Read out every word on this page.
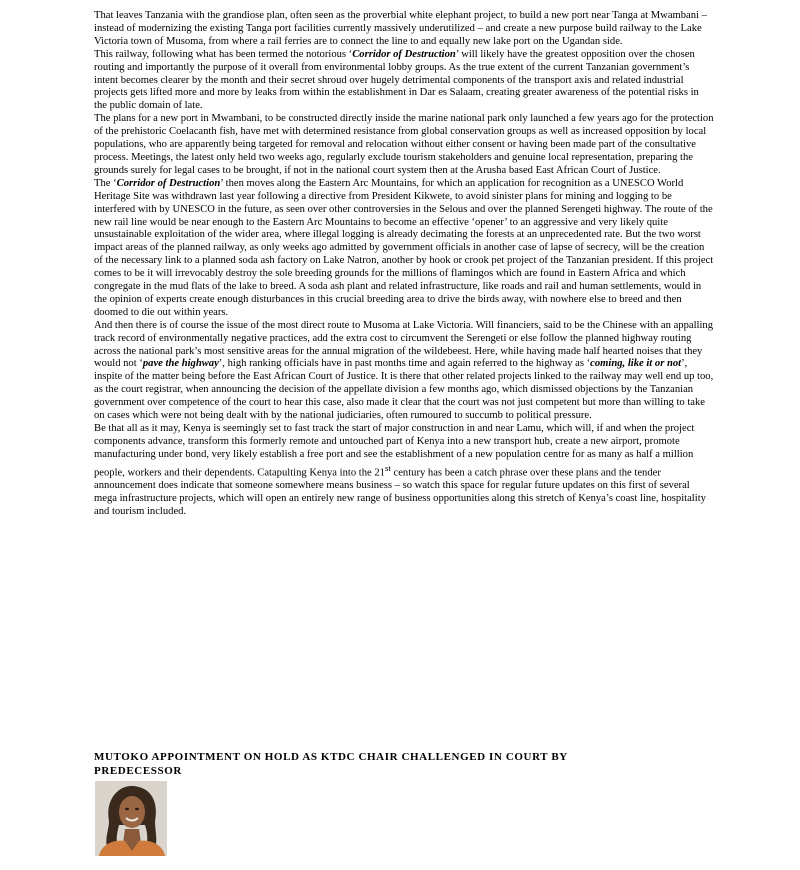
That leaves Tanzania with the grandiose plan, often seen as the proverbial white elephant project, to build a new port near Tanga at Mwambani – instead of modernizing the existing Tanga port facilities currently massively underutilized – and create a new purpose build railway to the Lake Victoria town of Musoma, from where a rail ferries are to connect the line to and equally new lake port on the Ugandan side.

This railway, following what has been termed the notorious ‘Corridor of Destruction’ will likely have the greatest opposition over the chosen routing and importantly the purpose of it overall from environmental lobby groups. As the true extent of the current Tanzanian government’s intent becomes clearer by the month and their secret shroud over hugely detrimental components of the transport axis and related industrial projects gets lifted more and more by leaks from within the establishment in Dar es Salaam, creating greater awareness of the potential risks in the public domain of late.

The plans for a new port in Mwambani, to be constructed directly inside the marine national park only launched a few years ago for the protection of the prehistoric Coelacanth fish, have met with determined resistance from global conservation groups as well as increased opposition by local populations, who are apparently being targeted for removal and relocation without either consent or having been made part of the consultative process. Meetings, the latest only held two weeks ago, regularly exclude tourism stakeholders and genuine local representation, preparing the grounds surely for legal cases to be brought, if not in the national court system then at the Arusha based East African Court of Justice.

The ‘Corridor of Destruction’ then moves along the Eastern Arc Mountains, for which an application for recognition as a UNESCO World Heritage Site was withdrawn last year following a directive from President Kikwete, to avoid sinister plans for mining and logging to be interfered with by UNESCO in the future, as seen over other controversies in the Selous and over the planned Serengeti highway. The route of the new rail line would be near enough to the Eastern Arc Mountains to become an effective ‘opener’ to an aggressive and very likely quite unsustainable exploitation of the wider area, where illegal logging is already decimating the forests at an unprecedented rate. But the two worst impact areas of the planned railway, as only weeks ago admitted by government officials in another case of lapse of secrecy, will be the creation of the necessary link to a planned soda ash factory on Lake Natron, another by hook or crook pet project of the Tanzanian president. If this project comes to be it will irrevocably destroy the sole breeding grounds for the millions of flamingos which are found in Eastern Africa and which congregate in the mud flats of the lake to breed. A soda ash plant and related infrastructure, like roads and rail and human settlements, would in the opinion of experts create enough disturbances in this crucial breeding area to drive the birds away, with nowhere else to breed and then doomed to die out within years.

And then there is of course the issue of the most direct route to Musoma at Lake Victoria. Will financiers, said to be the Chinese with an appalling track record of environmentally negative practices, add the extra cost to circumvent the Serengeti or else follow the planned highway routing across the national park’s most sensitive areas for the annual migration of the wildebeest. Here, while having made half hearted noises that they would not ‘pave the highway’, high ranking officials have in past months time and again referred to the highway as ‘coming, like it or not’, inspite of the matter being before the East African Court of Justice. It is there that other related projects linked to the railway may well end up too, as the court registrar, when announcing the decision of the appellate division a few months ago, which dismissed objections by the Tanzanian government over competence of the court to hear this case, also made it clear that the court was not just competent but more than willing to take on cases which were not being dealt with by the national judiciaries, often rumoured to succumb to political pressure.

Be that all as it may, Kenya is seemingly set to fast track the start of major construction in and near Lamu, which will, if and when the project components advance, transform this formerly remote and untouched part of Kenya into a new transport hub, create a new airport, promote manufacturing under bond, very likely establish a free port and see the establishment of a new population centre for as many as half a million people, workers and their dependents. Catapulting Kenya into the 21st century has been a catch phrase over these plans and the tender announcement does indicate that someone somewhere means business – so watch this space for regular future updates on this first of several mega infrastructure projects, which will open an entirely new range of business opportunities along this stretch of Kenya’s coast line, hospitality and tourism included.

MUTOKO APPOINTMENT ON HOLD AS KTDC CHAIR CHALLENGED IN COURT BY PREDECESSOR
